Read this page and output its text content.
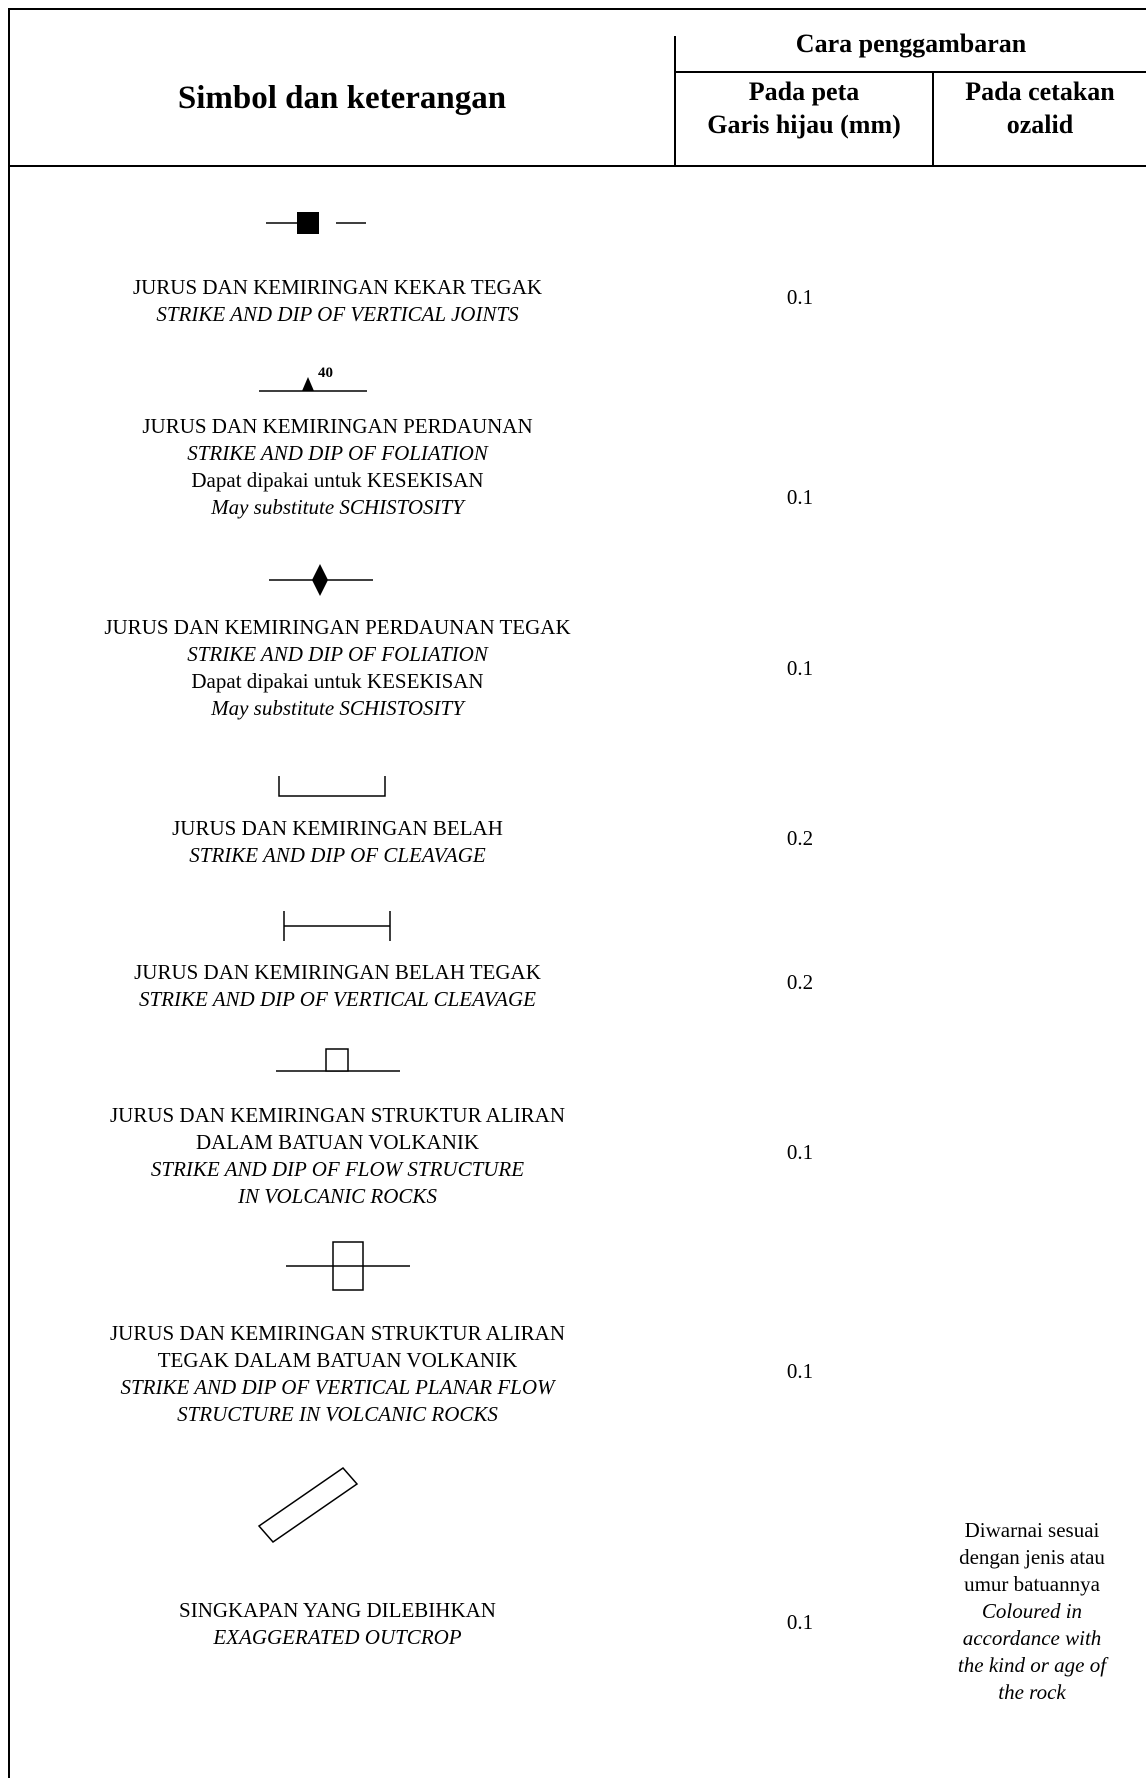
Simbol dan keterangan
Cara penggambaran
Pada peta
Garis hijau (mm)
Pada cetakan
ozalid
JURUS DAN KEMIRINGAN KEKAR TEGAK
STRIKE AND DIP OF VERTICAL JOINTS
0.1
40
JURUS DAN KEMIRINGAN PERDAUNAN
STRIKE AND DIP OF FOLIATION
Dapat dipakai untuk KESEKISAN
May substitute SCHISTOSITY	0.1
JURUS DAN KEMIRINGAN PERDAUNAN TEGAK
STRIKE AND DIP OF FOLIATION
Dapat dipakai untuk KESEKISAN
May substitute SCHISTOSITY
0.1
JURUS DAN KEMIRINGAN BELAH
STRIKE AND DIP OF CLEAVAGE
0.2
JURUS DAN KEMIRINGAN BELAH TEGAK
STRIKE AND DIP OF VERTICAL CLEAVAGE
0.2
JURUS DAN KEMIRINGAN STRUKTUR ALIRAN
DALAM BATUAN VOLKANIK
STRIKE AND DIP OF FLOW STRUCTURE
IN VOLCANIC ROCKS
0.1
JURUS DAN KEMIRINGAN STRUKTUR ALIRAN
TEGAK DALAM BATUAN VOLKANIK
STRIKE AND DIP OF VERTICAL PLANAR FLOW
STRUCTURE IN VOLCANIC ROCKS
0.1
SINGKAPAN YANG DILEBIHKAN
EXAGGERATED OUTCROP
0.1
Diwarnai sesuai
dengan jenis atau
umur batuannya
Coloured in
accordance with
the kind or age of
the rock
